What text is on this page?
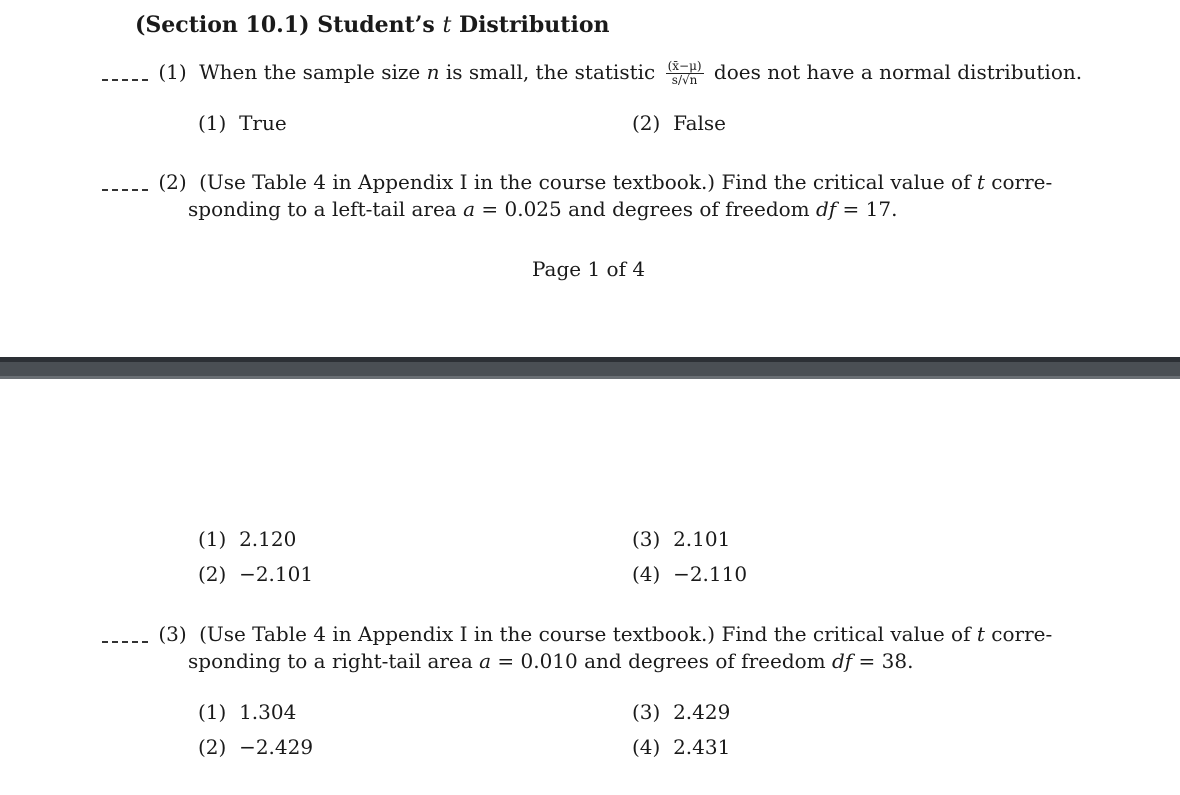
(Section 10.1) Student’s t Distribution
(1) When the sample size n is small, the statistic $\frac{(x̄-\mu)}{s/√n}$ does not have a normal distribution.
(1) True	(2) False
(2) (Use Table 4 in Appendix I in the course textbook.) Find the critical value of t corre-
sponding to a left-tail area a = 0.025 and degrees of freedom df = 17.
Page 1 of 4
(1) 2.120
(2) −2.101
(3) 2.101
(4) −2.110
(3) (Use Table 4 in Appendix I in the course textbook.) Find the critical value of t corre-
sponding to a right-tail area a = 0.010 and degrees of freedom df = 38.
(1) 1.304
(2) −2.429
(3) 2.429
(4) 2.431
